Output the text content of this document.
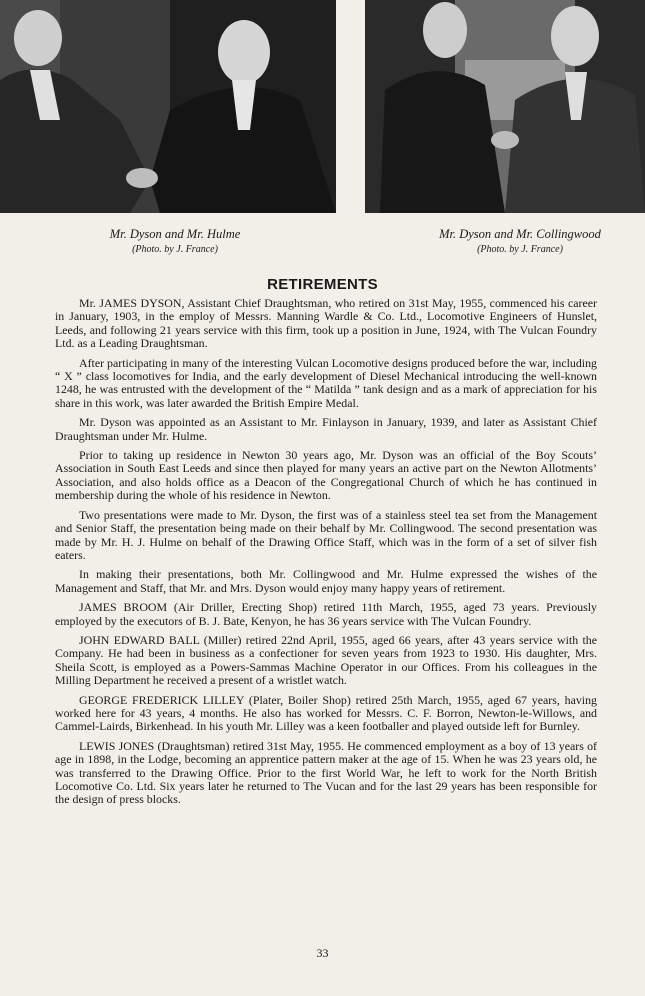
Mr. Dyson and Mr. Hulme
(Photo. by J. France)
Mr. Dyson and Mr. Collingwood
(Photo. by J. France)
RETIREMENTS

Mr. JAMES DYSON, Assistant Chief Draughtsman, who retired on 31st May, 1955, commenced his career in January, 1903, in the employ of Messrs. Manning Wardle & Co. Ltd., Locomotive Engineers of Hunslet, Leeds, and following 21 years service with this firm, took up a position in June, 1924, with The Vulcan Foundry Ltd. as a Leading Draughtsman.

After participating in many of the interesting Vulcan Locomotive designs produced before the war, including “ X ” class locomotives for India, and the early development of Diesel Mechanical introducing the well-known 1248, he was entrusted with the development of the “ Matilda ” tank design and as a mark of appreciation for his share in this work, was later awarded the British Empire Medal.

Mr. Dyson was appointed as an Assistant to Mr. Finlayson in January, 1939, and later as Assistant Chief Draughtsman under Mr. Hulme.

Prior to taking up residence in Newton 30 years ago, Mr. Dyson was an official of the Boy Scouts’ Association in South East Leeds and since then played for many years an active part on the Newton Allotments’ Association, and also holds office as a Deacon of the Congregational Church of which he has continued in membership during the whole of his residence in Newton.

Two presentations were made to Mr. Dyson, the first was of a stainless steel tea set from the Management and Senior Staff, the presentation being made on their behalf by Mr. Collingwood. The second presentation was made by Mr. H. J. Hulme on behalf of the Drawing Office Staff, which was in the form of a set of silver fish eaters.

In making their presentations, both Mr. Collingwood and Mr. Hulme expressed the wishes of the Management and Staff, that Mr. and Mrs. Dyson would enjoy many happy years of retirement.

JAMES BROOM (Air Driller, Erecting Shop) retired 11th March, 1955, aged 73 years. Previously employed by the executors of B. J. Bate, Kenyon, he has 36 years service with The Vulcan Foundry.

JOHN EDWARD BALL (Miller) retired 22nd April, 1955, aged 66 years, after 43 years service with the Company. He had been in business as a confectioner for seven years from 1923 to 1930. His daughter, Mrs. Sheila Scott, is employed as a Powers-Sammas Machine Operator in our Offices. From his colleagues in the Milling Department he received a present of a wristlet watch.

GEORGE FREDERICK LILLEY (Plater, Boiler Shop) retired 25th March, 1955, aged 67 years, having worked here for 43 years, 4 months. He also has worked for Messrs. C. F. Borron, Newton-le-Willows, and Cammel-Lairds, Birkenhead. In his youth Mr. Lilley was a keen footballer and played outside left for Burnley.

LEWIS JONES (Draughtsman) retired 31st May, 1955. He commenced employment as a boy of 13 years of age in 1898, in the Lodge, becoming an apprentice pattern maker at the age of 15. When he was 23 years old, he was transferred to the Drawing Office. Prior to the first World War, he left to work for the North British Locomotive Co. Ltd. Six years later he returned to The Vucan and for the last 29 years has been responsible for the design of press blocks.

33
